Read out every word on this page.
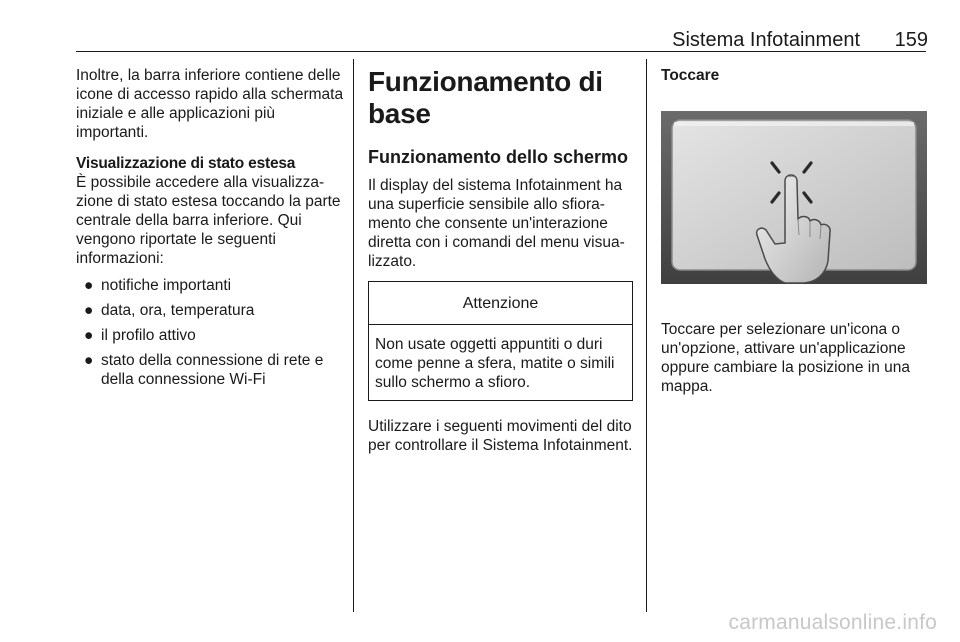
Sistema Infotainment	159

Inoltre, la barra inferiore contiene delle icone di accesso rapido alla schermata iniziale e alle applicazioni più importanti.

Visualizzazione di stato estesa

È possibile accedere alla visualizzazione di stato estesa toccando la parte centrale della barra inferiore. Qui vengono riportate le seguenti informazioni:

● notifiche importanti
● data, ora, temperatura
● il profilo attivo
● stato della connessione di rete e della connessione Wi-Fi
Funzionamento di base
Funzionamento dello schermo

Il display del sistema Infotainment ha una superficie sensibile allo sfioramento che consente un'interazione diretta con i comandi del menu visualizzato.

Attenzione
Non usate oggetti appuntiti o duri come penne a sfera, matite o simili sullo schermo a sfioro.

Utilizzare i seguenti movimenti del dito per controllare il Sistema Infotainment.

Toccare

Toccare per selezionare un'icona o un'opzione, attivare un'applicazione oppure cambiare la posizione in una mappa.

carmanualsonline.info
